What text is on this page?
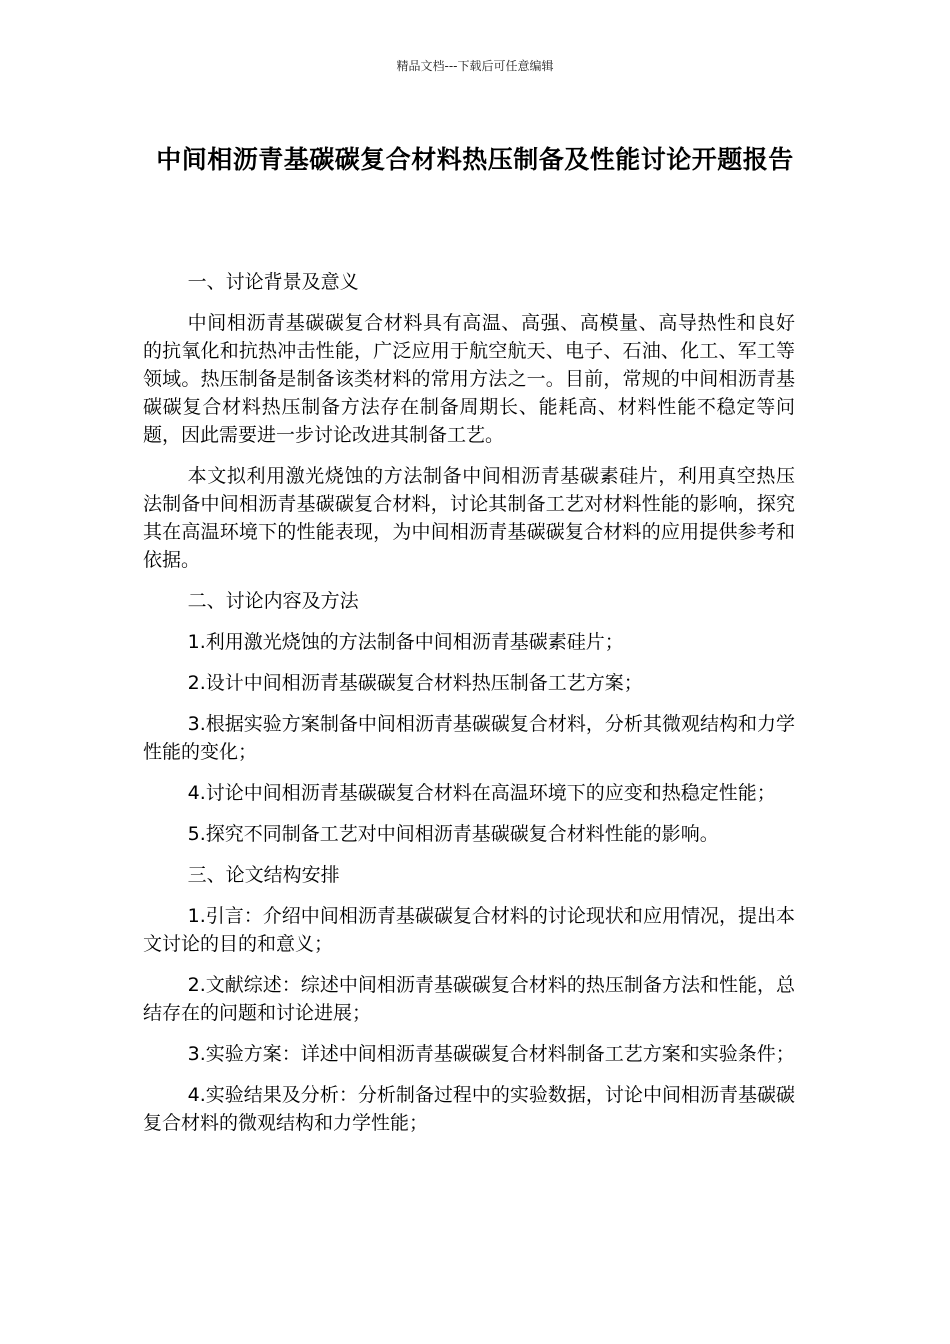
精品文档---下载后可任意编辑
中间相沥青基碳碳复合材料热压制备及性能讨论开题报告

一、讨论背景及意义

中间相沥青基碳碳复合材料具有高温、高强、高模量、高导热性和良好的抗氧化和抗热冲击性能，广泛应用于航空航天、电子、石油、化工、军工等领域。热压制备是制备该类材料的常用方法之一。目前，常规的中间相沥青基碳碳复合材料热压制备方法存在制备周期长、能耗高、材料性能不稳定等问题，因此需要进一步讨论改进其制备工艺。

本文拟利用激光烧蚀的方法制备中间相沥青基碳素硅片，利用真空热压法制备中间相沥青基碳碳复合材料，讨论其制备工艺对材料性能的影响，探究其在高温环境下的性能表现，为中间相沥青基碳碳复合材料的应用提供参考和依据。

二、讨论内容及方法

1.利用激光烧蚀的方法制备中间相沥青基碳素硅片；

2.设计中间相沥青基碳碳复合材料热压制备工艺方案；

3.根据实验方案制备中间相沥青基碳碳复合材料，分析其微观结构和力学性能的变化；

4.讨论中间相沥青基碳碳复合材料在高温环境下的应变和热稳定性能；

5.探究不同制备工艺对中间相沥青基碳碳复合材料性能的影响。

三、论文结构安排

1.引言：介绍中间相沥青基碳碳复合材料的讨论现状和应用情况，提出本文讨论的目的和意义；

2.文献综述：综述中间相沥青基碳碳复合材料的热压制备方法和性能，总结存在的问题和讨论进展；

3.实验方案：详述中间相沥青基碳碳复合材料制备工艺方案和实验条件；

4.实验结果及分析：分析制备过程中的实验数据，讨论中间相沥青基碳碳复合材料的微观结构和力学性能；
